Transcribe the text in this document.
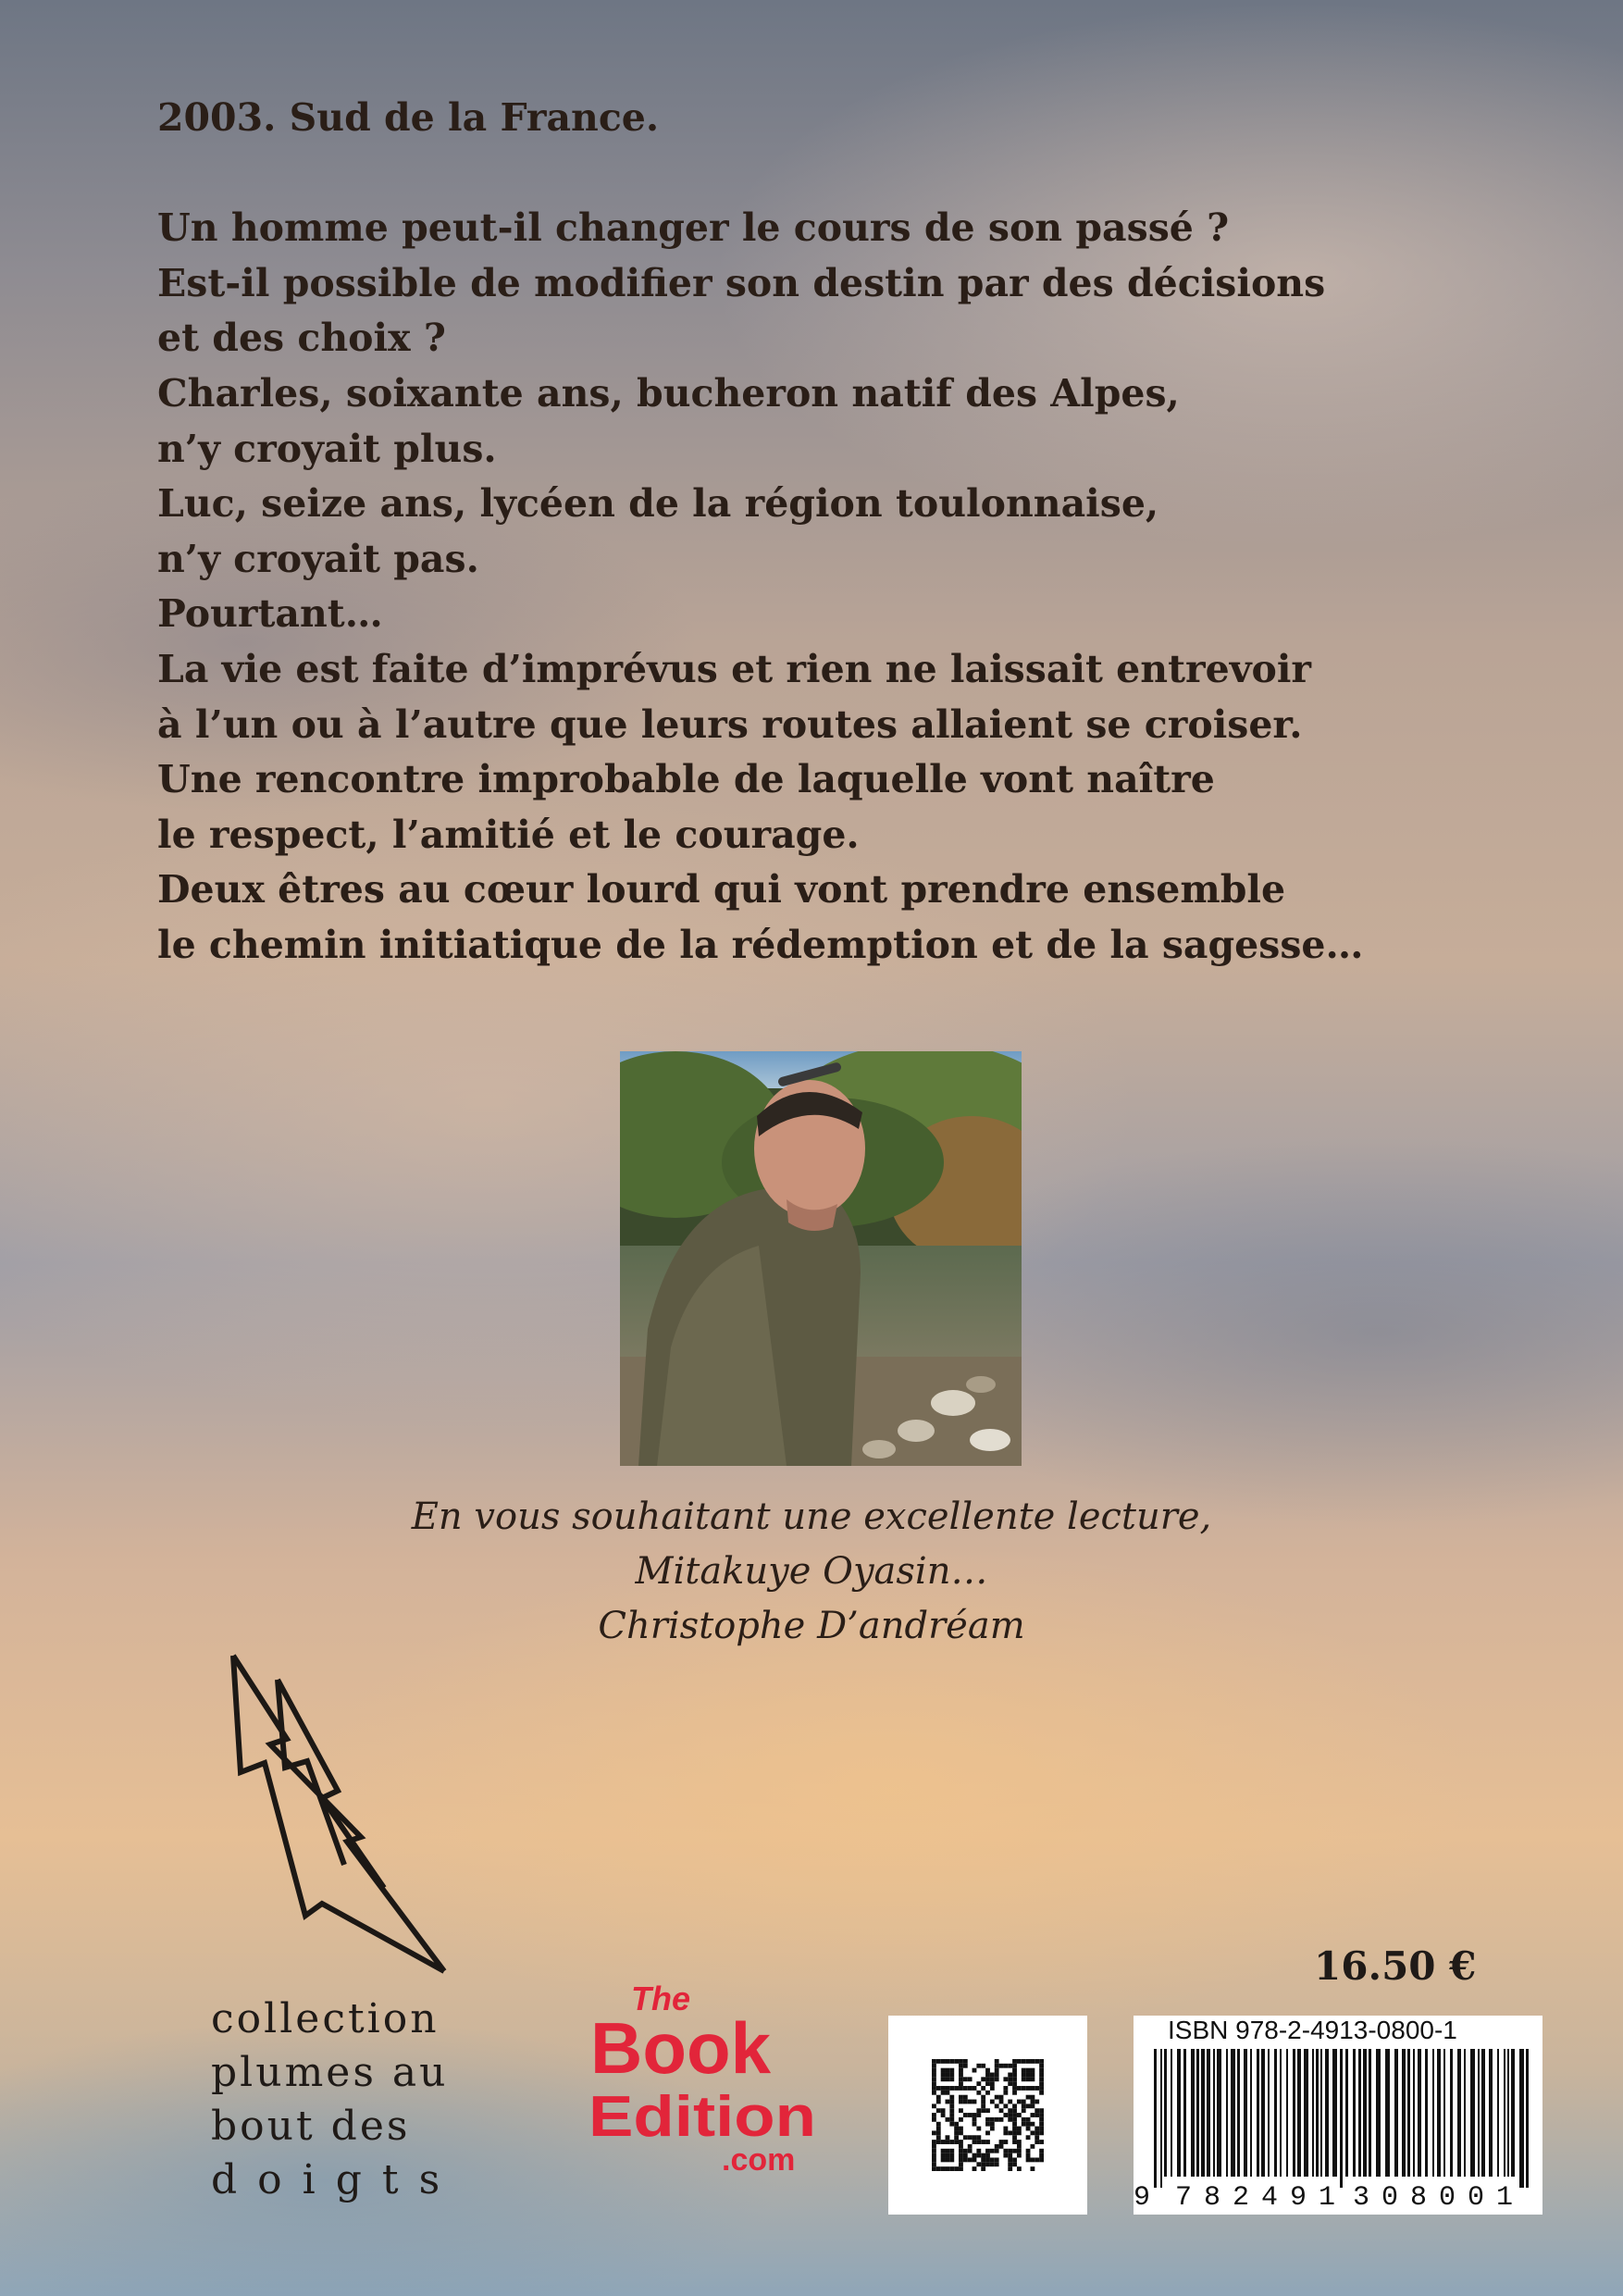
2003. Sud de la France.
Un homme peut-il changer le cours de son passé ?
Est-il possible de modifier son destin par des décisions
et des choix ?
Charles, soixante ans, bucheron natif des Alpes,
n’y croyait plus.
Luc, seize ans, lycéen de la région toulonnaise,
n’y croyait pas.
Pourtant…
La vie est faite d’imprévus et rien ne laissait entrevoir
à l’un ou à l’autre que leurs routes allaient se croiser.
Une rencontre improbable de laquelle vont naître
le respect, l’amitié et le courage.
Deux êtres au cœur lourd qui vont prendre ensemble
le chemin initiatique de la rédemption et de la sagesse…
En vous souhaitant une excellente lecture,
Mitakuye Oyasin…
Christophe D’andréam
collection
plumes au
bout des
doigts
The
Book
Edition
.com
16.50 €
ISBN 978-2-4913-0800-1
9 782491 308001
